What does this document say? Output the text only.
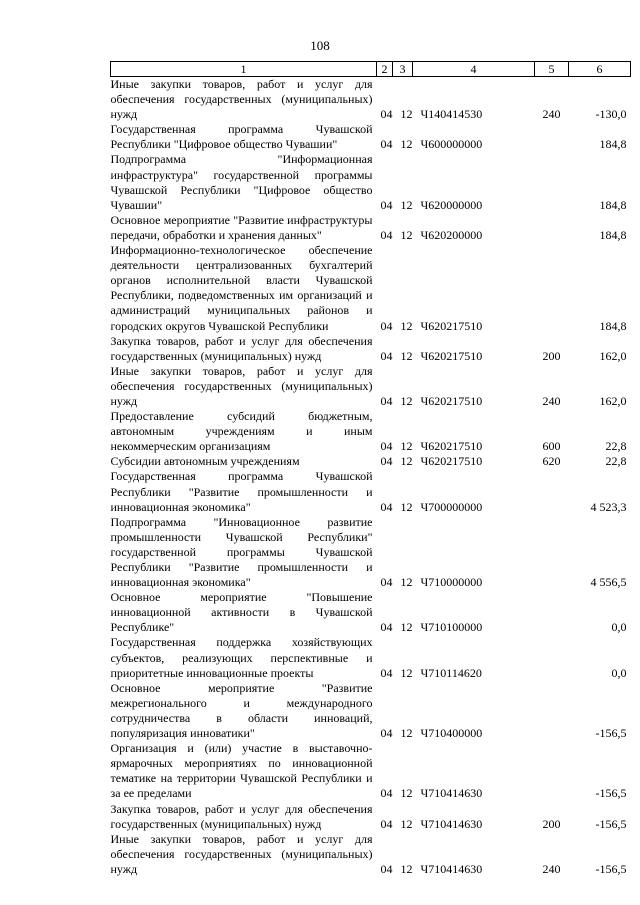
108
1	2	3	4	5	6
Иные закупки товаров, работ и услуг для обеспечения государственных (муниципальных) нужд	04	12	Ч140414530	240	-130,0
Государственная программа Чувашской Республики "Цифровое общество Чувашии"	04	12	Ч600000000		184,8
Подпрограмма "Информационная инфраструктура" государственной программы Чувашской Республики "Цифровое общество Чувашии"	04	12	Ч620000000		184,8
Основное мероприятие "Развитие инфраструктуры передачи, обработки и хранения данных"	04	12	Ч620200000		184,8
Информационно-технологическое обеспечение деятельности централизованных бухгалтерий органов исполнительной власти Чувашской Республики, подведомственных им организаций и администраций муниципальных районов и городских округов Чувашской Республики	04	12	Ч620217510		184,8
Закупка товаров, работ и услуг для обеспечения государственных (муниципальных) нужд	04	12	Ч620217510	200	162,0
Иные закупки товаров, работ и услуг для обеспечения государственных (муниципальных) нужд	04	12	Ч620217510	240	162,0
Предоставление субсидий бюджетным, автономным учреждениям и иным некоммерческим организациям	04	12	Ч620217510	600	22,8
Субсидии автономным учреждениям	04	12	Ч620217510	620	22,8
Государственная программа Чувашской Республики "Развитие промышленности и инновационная экономика"	04	12	Ч700000000		4 523,3
Подпрограмма "Инновационное развитие промышленности Чувашской Республики" государственной программы Чувашской Республики "Развитие промышленности и инновационная экономика"	04	12	Ч710000000		4 556,5
Основное мероприятие "Повышение инновационной активности в Чувашской Республике"	04	12	Ч710100000		0,0
Государственная поддержка хозяйствующих субъектов, реализующих перспективные и приоритетные инновационные проекты	04	12	Ч710114620		0,0
Основное мероприятие "Развитие межрегионального и международного сотрудничества в области инноваций, популяризация инноватики"	04	12	Ч710400000		-156,5
Организация и (или) участие в выставочно-ярмарочных мероприятиях по инновационной тематике на территории Чувашской Республики и за ее пределами	04	12	Ч710414630		-156,5
Закупка товаров, работ и услуг для обеспечения государственных (муниципальных) нужд	04	12	Ч710414630	200	-156,5
Иные закупки товаров, работ и услуг для обеспечения государственных (муниципальных) нужд	04	12	Ч710414630	240	-156,5
